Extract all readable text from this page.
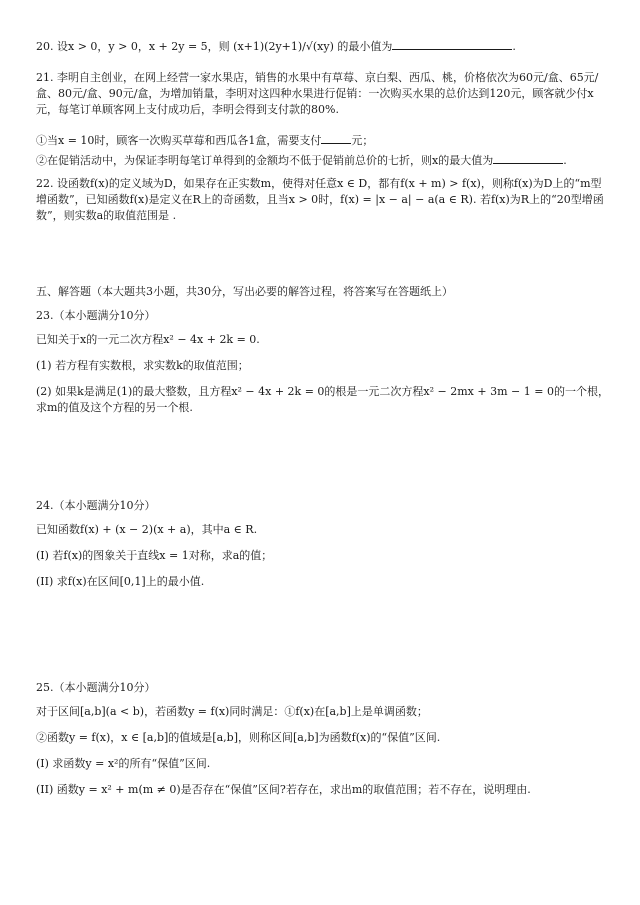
20. 设x > 0，y > 0，x + 2y = 5，则 (x+1)(2y+1)/√(xy) 的最小值为	.
21. 李明自主创业，在网上经营一家水果店，销售的水果中有草莓、京白梨、西瓜、桃，价格依次为60元/盒、65元/盒、80元/盒、90元/盒，为增加销量，李明对这四种水果进行促销：一次购买水果的总价达到120元，顾客就少付x元，每笔订单顾客网上支付成功后，李明会得到支付款的80%.
①当x = 10时，顾客一次购买草莓和西瓜各1盒，需要支付	元；
②在促销活动中，为保证李明每笔订单得到的金额均不低于促销前总价的七折，则x的最大值为	.
22. 设函数f(x)的定义域为D，如果存在正实数m，使得对任意x ∈ D，都有f(x + m) > f(x)，则称f(x)为D上的“m型增函数”，已知函数f(x)是定义在R上的奇函数，且当x > 0时，f(x) = |x − a| − a(a ∈ R). 若f(x)为R上的“20型增函数”，则实数a的取值范围是 .
五、解答题（本大题共3小题，共30分，写出必要的解答过程，将答案写在答题纸上）
23.（本小题满分10分）
已知关于x的一元二次方程x² − 4x + 2k = 0.
(1) 若方程有实数根，求实数k的取值范围；
(2) 如果k是满足(1)的最大整数，且方程x² − 4x + 2k = 0的根是一元二次方程x² − 2mx + 3m − 1 = 0的一个根，求m的值及这个方程的另一个根.
24.（本小题满分10分）
已知函数f(x) + (x − 2)(x + a)，其中a ∈ R.
(I) 若f(x)的图象关于直线x = 1对称，求a的值；
(II) 求f(x)在区间[0,1]上的最小值.
25.（本小题满分10分）
对于区间[a,b](a < b)，若函数y = f(x)同时满足：①f(x)在[a,b]上是单调函数；
②函数y = f(x)，x ∈ [a,b]的值域是[a,b]，则称区间[a,b]为函数f(x)的“保值”区间.
(I) 求函数y = x²的所有“保值”区间.
(II) 函数y = x² + m(m ≠ 0)是否存在“保值”区间?若存在，求出m的取值范围；若不存在，说明理由.
